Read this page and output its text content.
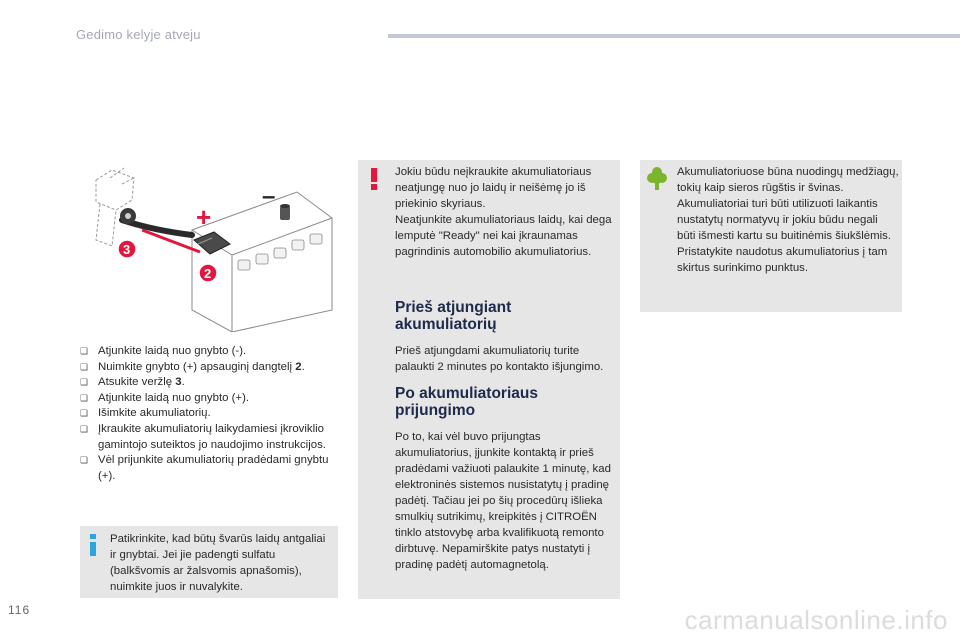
Gedimo kelyje atveju
+
–
3
2
❏ Atjunkite laidą nuo gnybto (-).
❏ Nuimkite gnybto (+) apsauginį dangtelį 2.
❏ Atsukite veržlę 3.
❏ Atjunkite laidą nuo gnybto (+).
❏ Išimkite akumuliatorių.
❏ Įkraukite akumuliatorių laikydamiesi įkroviklio gamintojo suteiktos jo naudojimo instrukcijos.
❏ Vėl prijunkite akumuliatorių pradėdami gnybtu (+).
Patikrinkite, kad būtų švarūs laidų antgaliai ir gnybtai. Jei jie padengti sulfatu (balkšvomis ar žalsvomis apnašomis), nuimkite juos ir nuvalykite.
Jokiu būdu neįkraukite akumuliatoriaus neatjungę nuo jo laidų ir neišėmę jo iš priekinio skyriaus.
Neatjunkite akumuliatoriaus laidų, kai dega lemputė "Ready" nei kai įkraunamas pagrindinis automobilio akumuliatorius.
Prieš atjungiant akumuliatorių

Prieš atjungdami akumuliatorių turite palaukti 2 minutes po kontakto išjungimo.

Po akumuliatoriaus prijungimo

Po to, kai vėl buvo prijungtas akumuliatorius, įjunkite kontaktą ir prieš pradėdami važiuoti palaukite 1 minutę, kad elektroninės sistemos nusistatytų į pradinę padėtį. Tačiau jei po šių procedūrų išlieka smulkių sutrikimų, kreipkitės į CITROËN tinklo atstovybę arba kvalifikuotą remonto dirbtuvę. Nepamirškite patys nustatyti į pradinę padėtį automagnetolą.

Akumuliatoriuose būna nuodingų medžiagų, tokių kaip sieros rūgštis ir švinas. Akumuliatoriai turi būti utilizuoti laikantis nustatytų normatyvų ir jokiu būdu negali būti išmesti kartu su buitinėmis šiukšlėmis.
Pristatykite naudotus akumuliatorius į tam skirtus surinkimo punktus.
116	carmanualsonline.info
